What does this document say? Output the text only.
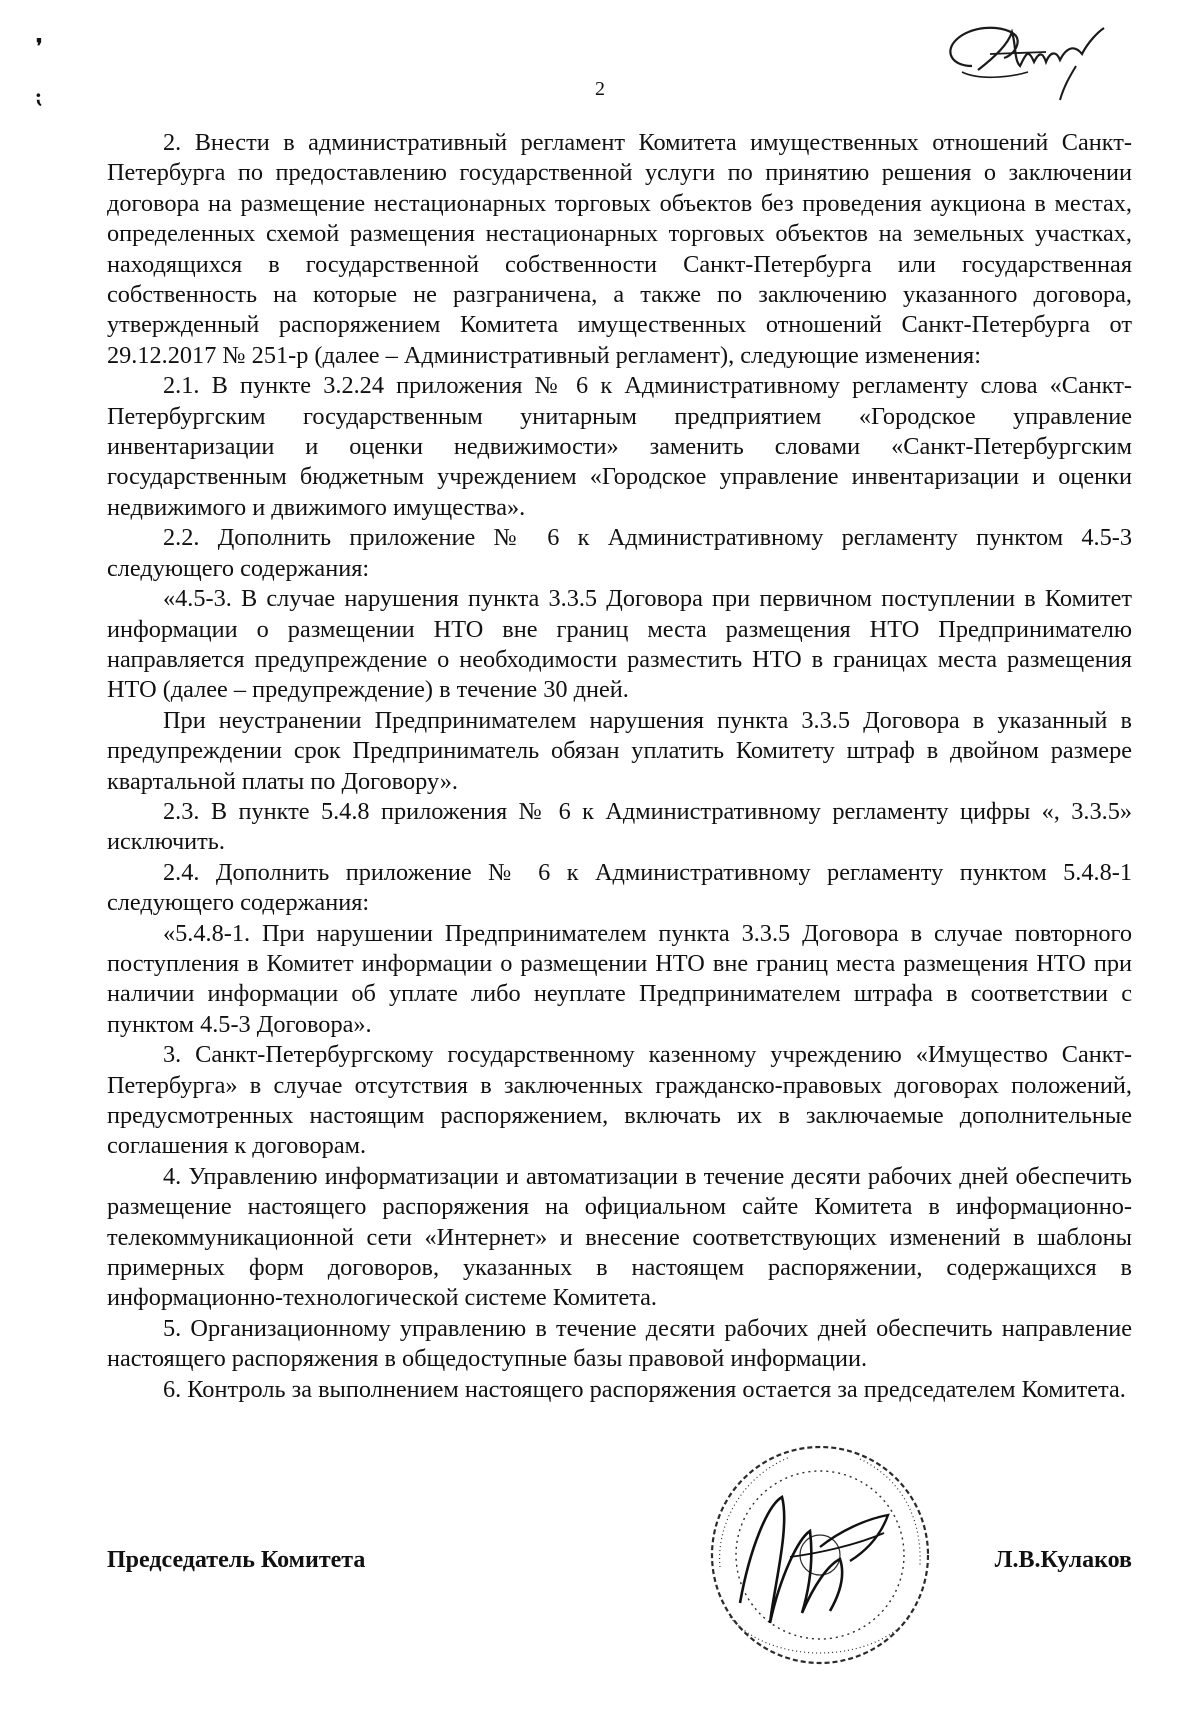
❜
⁏	2

2. Внести в административный регламент Комитета имущественных отношений Санкт-Петербурга по предоставлению государственной услуги по принятию решения о заключении договора на размещение нестационарных торговых объектов без проведения аукциона в местах, определенных схемой размещения нестационарных торговых объектов на земельных участках, находящихся в государственной собственности Санкт-Петербурга или государственная собственность на которые не разграничена, а также по заключению указанного договора, утвержденный распоряжением Комитета имущественных отношений Санкт-Петербурга от 29.12.2017 № 251-р (далее – Административный регламент), следующие изменения:

2.1. В пункте 3.2.24 приложения № 6 к Административному регламенту слова «Санкт-Петербургским государственным унитарным предприятием «Городское управление инвентаризации и оценки недвижимости» заменить словами «Санкт-Петербургским государственным бюджетным учреждением «Городское управление инвентаризации и оценки недвижимого и движимого имущества».

2.2. Дополнить приложение № 6 к Административному регламенту пунктом 4.5-3 следующего содержания:

«4.5-3. В случае нарушения пункта 3.3.5 Договора при первичном поступлении в Комитет информации о размещении НТО вне границ места размещения НТО Предпринимателю направляется предупреждение о необходимости разместить НТО в границах места размещения НТО (далее – предупреждение) в течение 30 дней.

При неустранении Предпринимателем нарушения пункта 3.3.5 Договора в указанный в предупреждении срок Предприниматель обязан уплатить Комитету штраф в двойном размере квартальной платы по Договору».

2.3. В пункте 5.4.8 приложения № 6 к Административному регламенту цифры «, 3.3.5» исключить.

2.4. Дополнить приложение № 6 к Административному регламенту пунктом 5.4.8-1 следующего содержания:

«5.4.8-1. При нарушении Предпринимателем пункта 3.3.5 Договора в случае повторного поступления в Комитет информации о размещении НТО вне границ места размещения НТО при наличии информации об уплате либо неуплате Предпринимателем штрафа в соответствии с пунктом 4.5-3 Договора».

3. Санкт-Петербургскому государственному казенному учреждению «Имущество Санкт-Петербурга» в случае отсутствия в заключенных гражданско-правовых договорах положений, предусмотренных настоящим распоряжением, включать их в заключаемые дополнительные соглашения к договорам.

4. Управлению информатизации и автоматизации в течение десяти рабочих дней обеспечить размещение настоящего распоряжения на официальном сайте Комитета в информационно-телекоммуникационной сети «Интернет» и внесение соответствующих изменений в шаблоны примерных форм договоров, указанных в настоящем распоряжении, содержащихся в информационно-технологической системе Комитета.

5. Организационному управлению в течение десяти рабочих дней обеспечить направление настоящего распоряжения в общедоступные базы правовой информации.

6. Контроль за выполнением настоящего распоряжения остается за председателем Комитета.

Председатель Комитета	Л.В.Кулаков
